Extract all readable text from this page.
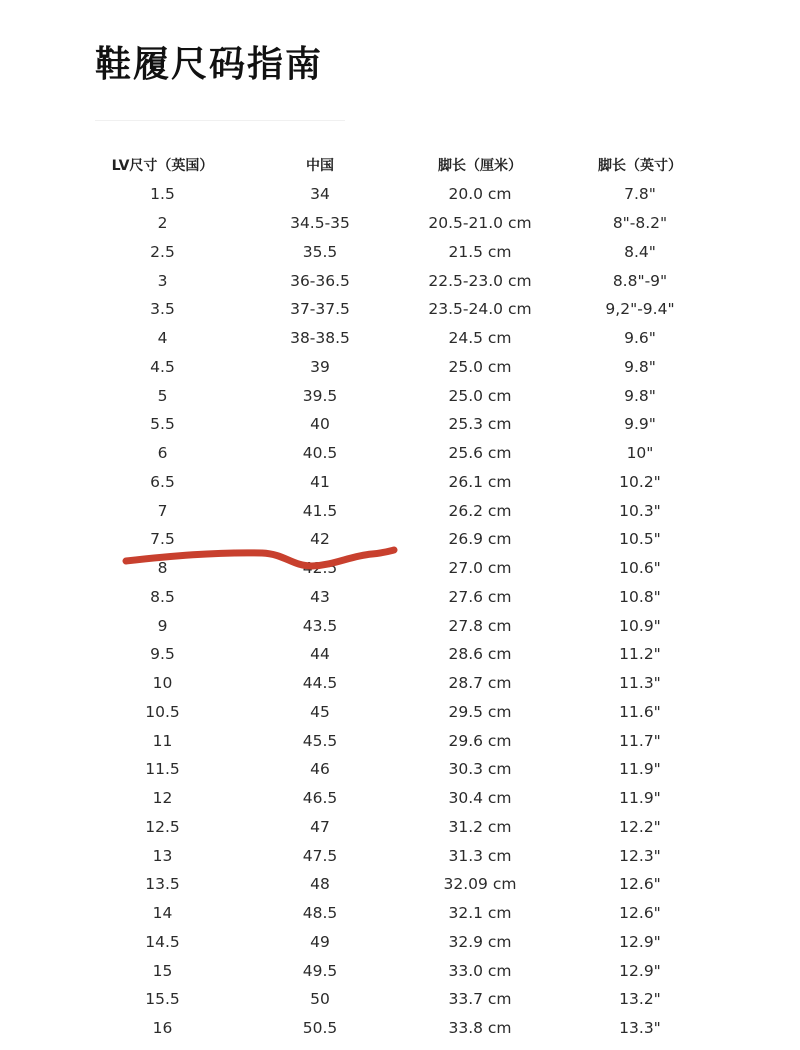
鞋履尺码指南
	LV尺寸（英国）	中国	脚长（厘米）	脚长（英寸）	
	1.5	34	20.0 cm	7.8"	
	2	34.5-35	20.5-21.0 cm	8"-8.2"	
	2.5	35.5	21.5 cm	8.4"	
	3	36-36.5	22.5-23.0 cm	8.8"-9"	
	3.5	37-37.5	23.5-24.0 cm	9,2"-9.4"	
	4	38-38.5	24.5 cm	9.6"	
	4.5	39	25.0 cm	9.8"	
	5	39.5	25.0 cm	9.8"	
	5.5	40	25.3 cm	9.9"	
	6	40.5	25.6 cm	10"	
	6.5	41	26.1 cm	10.2"	
	7	41.5	26.2 cm	10.3"	
	7.5	42	26.9 cm	10.5"	
	8	42.5	27.0 cm	10.6"	
	8.5	43	27.6 cm	10.8"	
	9	43.5	27.8 cm	10.9"	
	9.5	44	28.6 cm	11.2"	
	10	44.5	28.7 cm	11.3"	
	10.5	45	29.5 cm	11.6"	
	11	45.5	29.6 cm	11.7"	
	11.5	46	30.3 cm	11.9"	
	12	46.5	30.4 cm	11.9"	
	12.5	47	31.2 cm	12.2"	
	13	47.5	31.3 cm	12.3"	
	13.5	48	32.09 cm	12.6"	
	14	48.5	32.1 cm	12.6"	
	14.5	49	32.9 cm	12.9"	
	15	49.5	33.0 cm	12.9"	
	15.5	50	33.7 cm	13.2"	
	16	50.5	33.8 cm	13.3"	
